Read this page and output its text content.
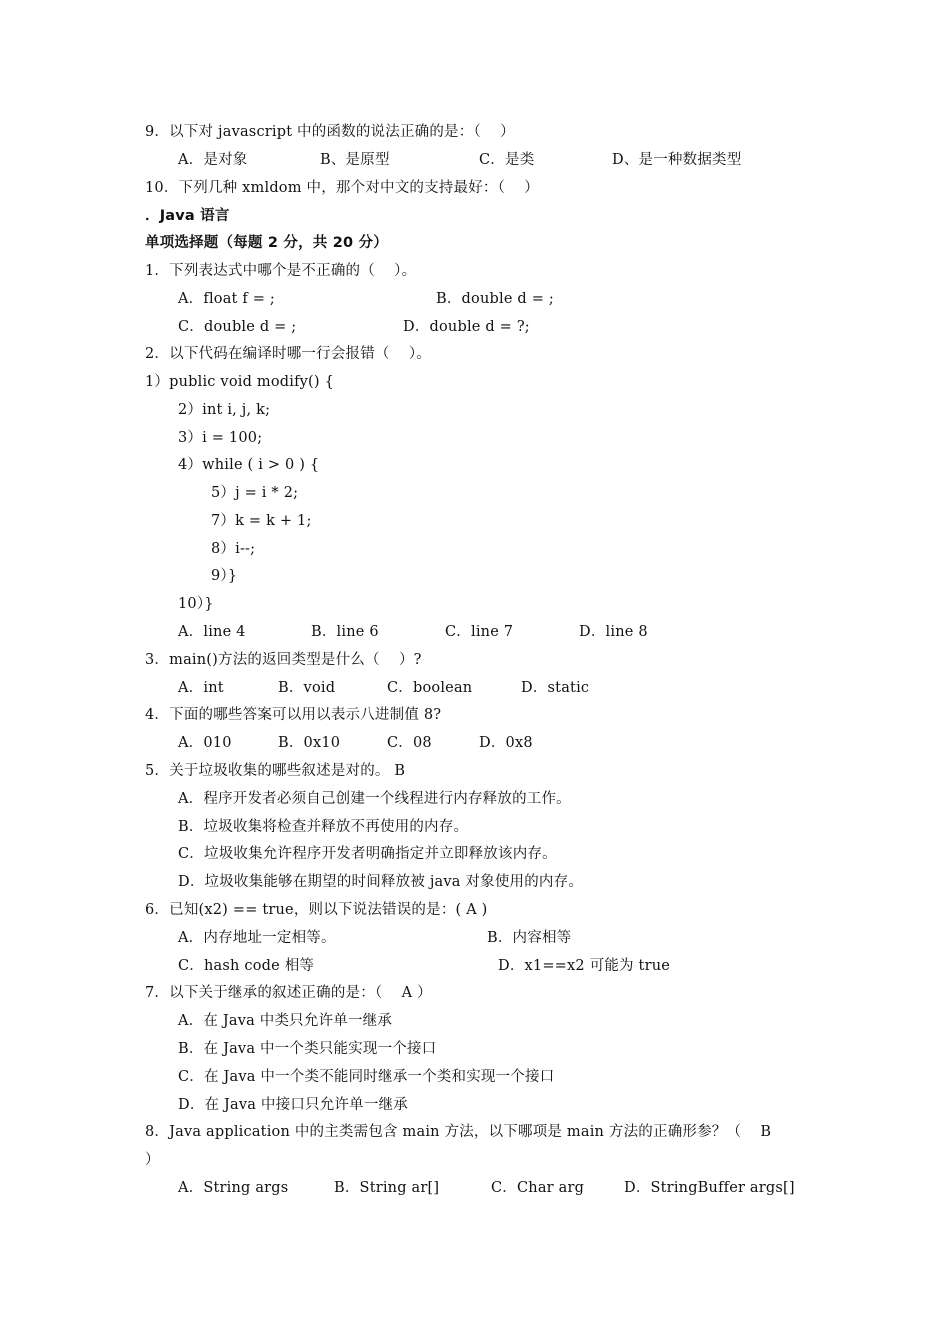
9．以下对 javascript 中的函数的说法正确的是：（    ）
A．是对象	B、是原型	C．是类	D、是一种数据类型
10．下列几种 xmldom 中，那个对中文的支持最好：（    ）
．Java 语言
单项选择题（每题 2 分，共 20 分）
1．下列表达式中哪个是不正确的（    ）。
A．float f = ;	B．double d = ;
C．double d = ;	D．double d = ?;
2．以下代码在编译时哪一行会报错（    ）。
1）public void modify() {
2）int i, j, k;
3）i = 100;
4）while ( i > 0 ) {
5）j = i * 2;
7）k = k + 1;
8）i--;
9）}
10）}
A．line 4	B．line 6	C．line 7	D．line 8
3．main()方法的返回类型是什么（    ）?
A．int	B．void	C．boolean	D．static
4．下面的哪些答案可以用以表示八进制值 8?
A．010	B．0x10	C．08	D．0x8
5．关于垃圾收集的哪些叙述是对的。 B
A．程序开发者必须自己创建一个线程进行内存释放的工作。
B．垃圾收集将检查并释放不再使用的内存。
C．垃圾收集允许程序开发者明确指定并立即释放该内存。
D．垃圾收集能够在期望的时间释放被 java 对象使用的内存。
6．已知(x2) == true，则以下说法错误的是：( A )
A．内存地址一定相等。	B．内容相等
C．hash code 相等	D．x1==x2 可能为 true
7．以下关于继承的叙述正确的是：（    A ）
A．在 Java 中类只允许单一继承
B．在 Java 中一个类只能实现一个接口
C．在 Java 中一个类不能同时继承一个类和实现一个接口
D．在 Java 中接口只允许单一继承
8．Java application 中的主类需包含 main 方法，以下哪项是 main 方法的正确形参？（    B
）
A．String args	B．String ar[]	C．Char arg	D．StringBuffer args[]
